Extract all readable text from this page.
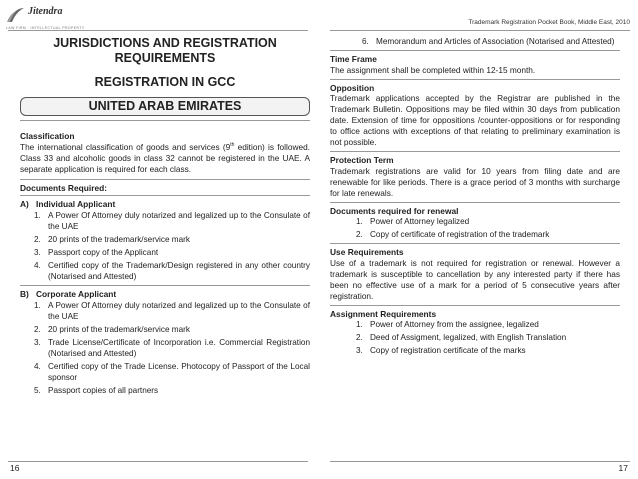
Jitendra
LAW FIRM · INTELLECTUAL PROPERTY
Trademark Registration Pocket Book, Middle East, 2010
JURISDICTIONS AND REGISTRATION REQUIREMENTS
REGISTRATION IN GCC
UNITED ARAB EMIRATES
Classification
The international classification of goods and services (9th edition) is followed. Class 33 and alcoholic goods in class 32 cannot be registered in the UAE. A separate application is required for each class.
Documents Required:
A) Individual Applicant
1. A Power Of Attorney duly notarized and legalized up to the Consulate of the UAE
2. 20 prints of the trademark/service mark
3. Passport copy of the Applicant
4. Certified copy of the Trademark/Design registered in any other country (Notarised and Attested)
B) Corporate Applicant
1. A Power Of Attorney duly notarized and legalized up to the Consulate of the UAE
2. 20 prints of the trademark/service mark
3. Trade License/Certificate of Incorporation i.e. Commercial Registration (Notarised and Attested)
4. Certified copy of the Trade License. Photocopy of Passport of the Local sponsor
5. Passport copies of all partners
6. Memorandum and Articles of Association (Notarised and Attested)
Time Frame
The assignment shall be completed within 12-15 month.
Opposition
Trademark applications accepted by the Registrar are published in the Trademark Bulletin. Oppositions may be filed within 30 days from publication date. Extension of time for oppositions /counter-oppositions or for responding to office actions with exceptions of that relating to preliminary examination is not possible.
Protection Term
Trademark registrations are valid for 10 years from filing date and are renewable for like periods. There is a grace period of 3 months with surcharge for late renewals.
Documents required for renewal
1. Power of Attorney legalized
2. Copy of certificate of registration of the trademark
Use Requirements
Use of a trademark is not required for registration or renewal. However a trademark is susceptible to cancellation by any interested party if there has been no effective use of a mark for a period of 5 consecutive years after registration.
Assignment Requirements
1. Power of Attorney from the assignee, legalized
2. Deed of Assigment, legalized, with English Translation
3. Copy of registration certificate of the marks
16	17
